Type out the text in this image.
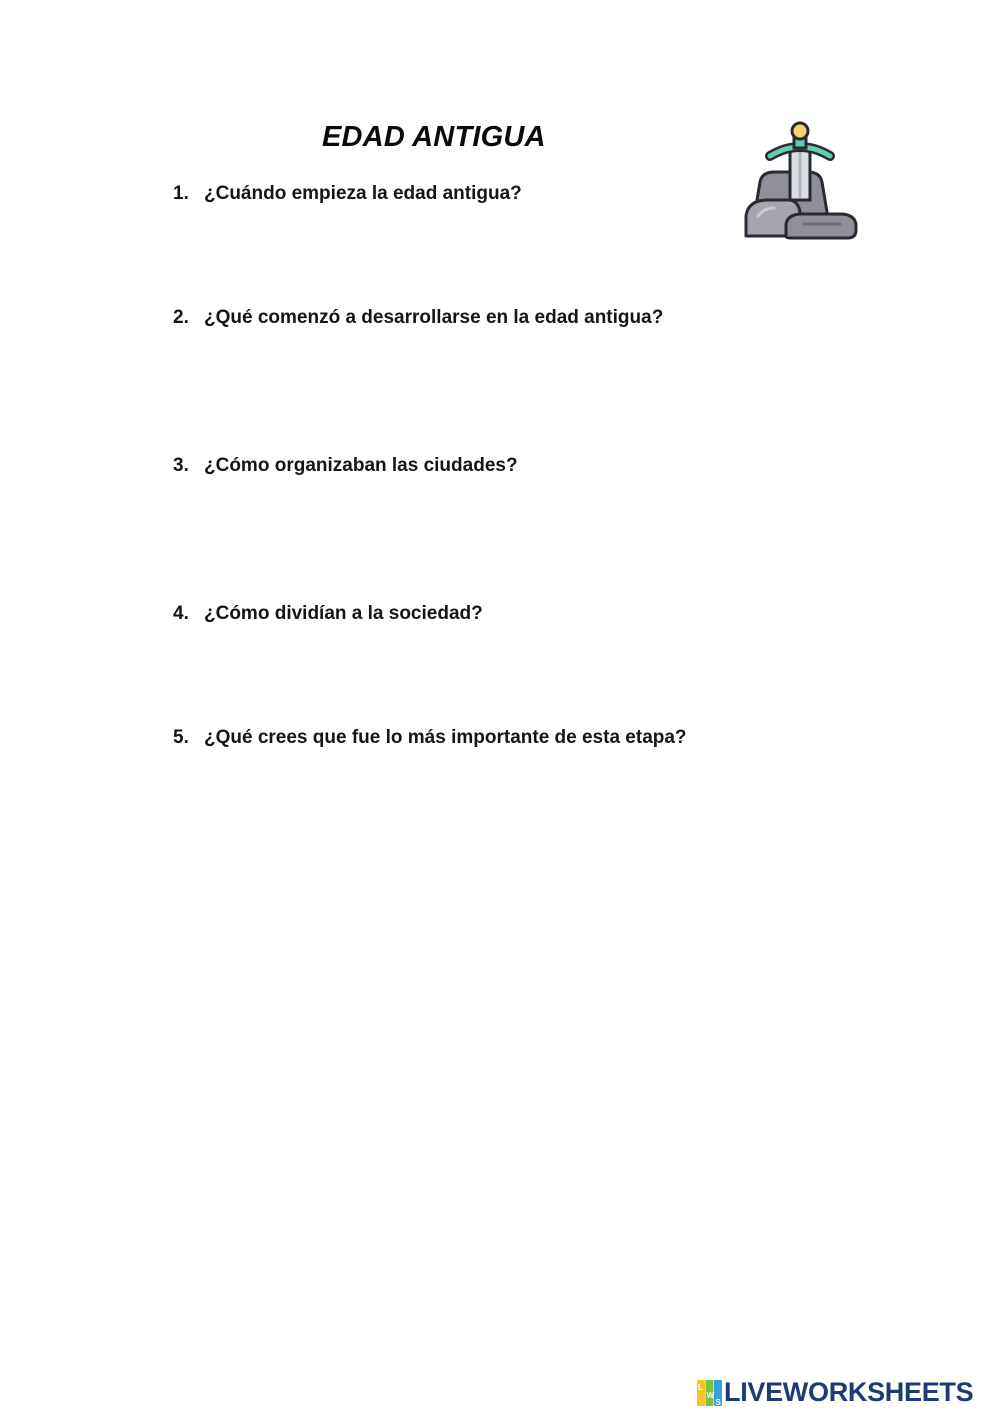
EDAD ANTIGUA
1. ¿Cuándo empieza la edad antigua?
2. ¿Qué comenzó a desarrollarse en la edad antigua?
3. ¿Cómo organizaban las ciudades?
4. ¿Cómo dividían a la sociedad?
5. ¿Qué crees que fue lo más importante de esta etapa?
L
W
S LIVEWORKSHEETS
